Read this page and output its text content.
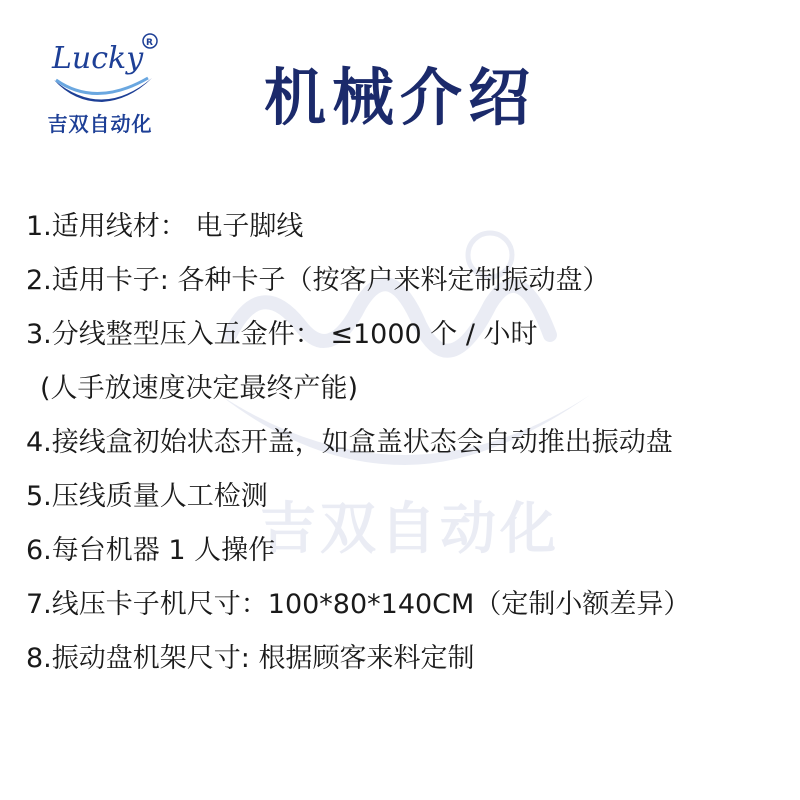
吉双自动化
Lucky R
吉双自动化	机械介绍
1.适用线材： 电子脚线
2.适用卡子: 各种卡子（按客户来料定制振动盘）
3.分线整型压入五金件： ≤1000 个 / 小时
(人手放速度决定最终产能)
4.接线盒初始状态开盖，如盒盖状态会自动推出振动盘
5.压线质量人工检测
6.每台机器 1 人操作
7.线压卡子机尺寸：100*80*140CM（定制小额差异）
8.振动盘机架尺寸: 根据顾客来料定制
